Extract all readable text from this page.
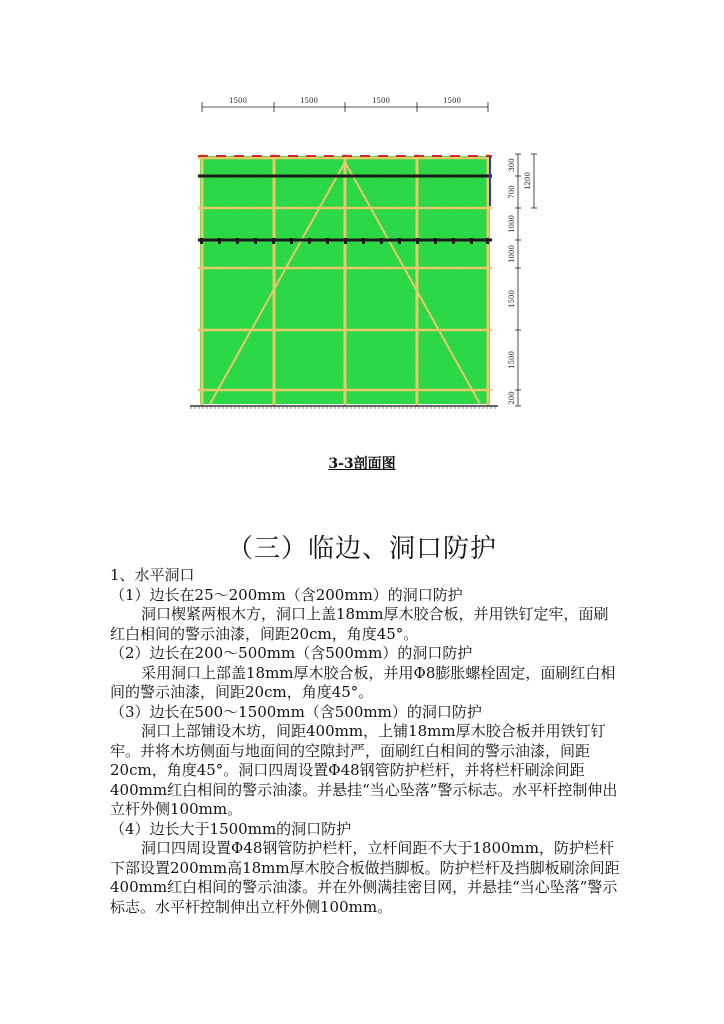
1500	1500	1500	1500
300
700
1000
1000
1500
1500
200
1200
3-3剖面图
（三）临边、洞口防护

1、水平洞口

（1）边长在25～200mm（含200mm）的洞口防护

洞口楔紧两根木方，洞口上盖18mm厚木胶合板，并用铁钉定牢，面刷红白相间的警示油漆，间距20cm，角度45°。

（2）边长在200～500mm（含500mm）的洞口防护

采用洞口上部盖18mm厚木胶合板，并用Φ8膨胀螺栓固定，面刷红白相间的警示油漆，间距20cm，角度45°。

（3）边长在500～1500mm（含500mm）的洞口防护

洞口上部铺设木坊，间距400mm，上铺18mm厚木胶合板并用铁钉钉牢。并将木坊侧面与地面间的空隙封严，面刷红白相间的警示油漆，间距20cm，角度45°。洞口四周设置Φ48钢管防护栏杆，并将栏杆刷涂间距400mm红白相间的警示油漆。并悬挂“当心坠落”警示标志。水平杆控制伸出立杆外侧100mm。

（4）边长大于1500mm的洞口防护

洞口四周设置Φ48钢管防护栏杆，立杆间距不大于1800mm，防护栏杆下部设置200mm高18mm厚木胶合板做挡脚板。防护栏杆及挡脚板刷涂间距400mm红白相间的警示油漆。并在外侧满挂密目网，并悬挂“当心坠落”警示标志。水平杆控制伸出立杆外侧100mm。
